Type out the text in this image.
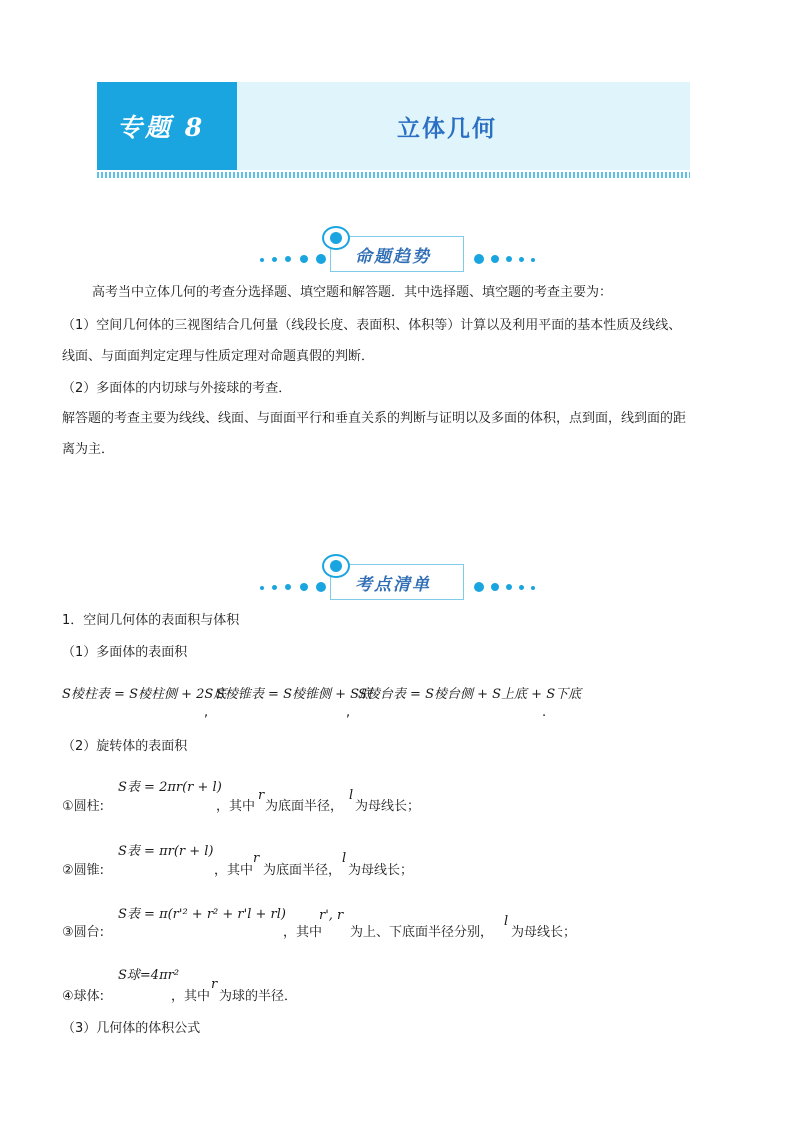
专题 8	立体几何
命题趋势
高考当中立体几何的考查分选择题、填空题和解答题．其中选择题、填空题的考查主要为：
（1）空间几何体的三视图结合几何量（线段长度、表面积、体积等）计算以及利用平面的基本性质及线线、
线面、与面面判定定理与性质定理对命题真假的判断．
（2）多面体的内切球与外接球的考查．
解答题的考查主要为线线、线面、与面面平行和垂直关系的判断与证明以及多面的体积，点到面，线到面的距
离为主．
考点清单
1．空间几何体的表面积与体积
（1）多面体的表面积
S棱柱表 = S棱柱侧 + 2S底
,
S棱锥表 = S棱锥侧 + S底
,
S棱台表 = S棱台侧 + S上底 + S下底
.
（2）旋转体的表面积
S表 = 2πr(r + l)
①圆柱:	，其中
r
为底面半径，
l
为母线长；
S表 = πr(r + l)
②圆锥:	，其中
r
为底面半径，
l
为母线长；
S表 = π(r'² + r² + r'l + rl)
③圆台:	，其中
r', r
为上、下底面半径分别，
l
为母线长；
S球=4πr²
④球体:	，其中
r
为球的半径．
（3）几何体的体积公式
